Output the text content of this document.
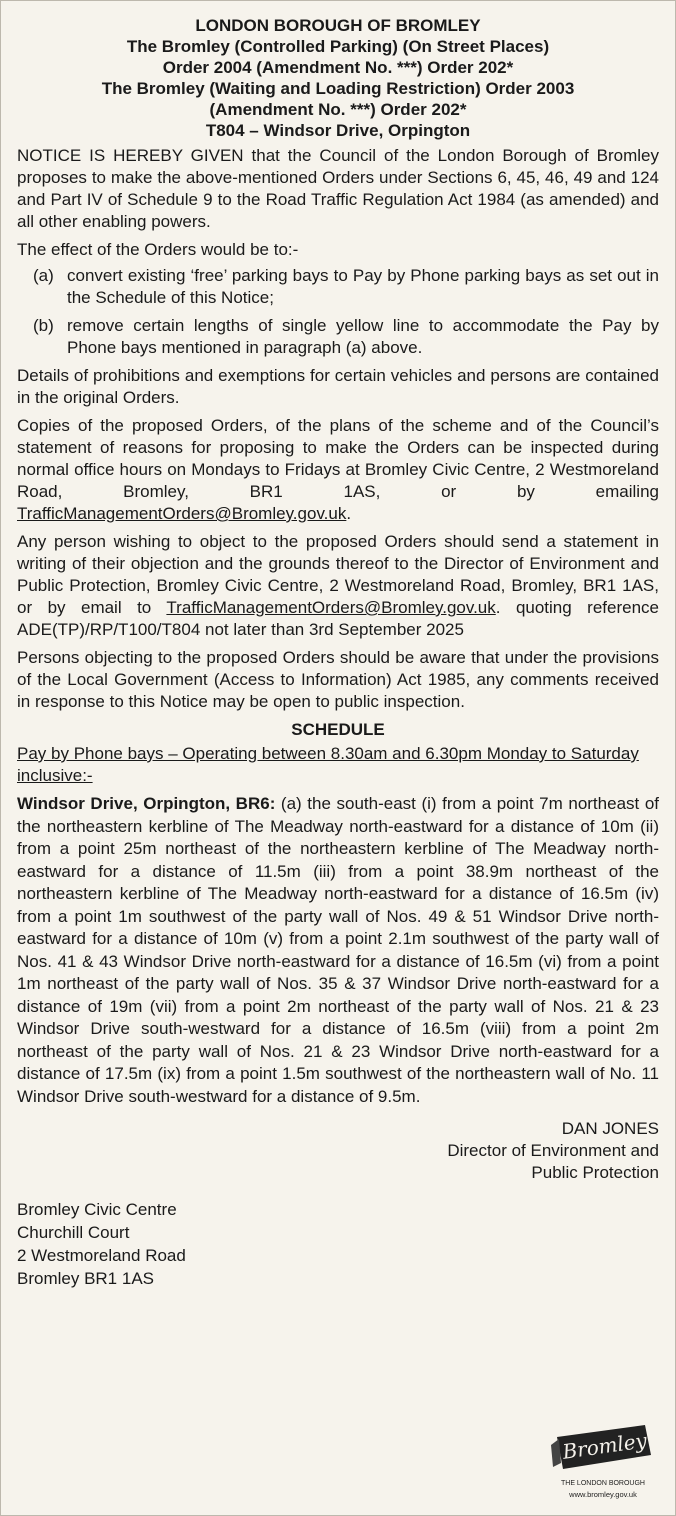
LONDON BOROUGH OF BROMLEY
The Bromley (Controlled Parking) (On Street Places)
Order 2004 (Amendment No. ***) Order 202*
The Bromley (Waiting and Loading Restriction) Order 2003
(Amendment No. ***) Order 202*
T804 – Windsor Drive, Orpington

NOTICE IS HEREBY GIVEN that the Council of the London Borough of Bromley proposes to make the above-mentioned Orders under Sections 6, 45, 46, 49 and 124 and Part IV of Schedule 9 to the Road Traffic Regulation Act 1984 (as amended) and all other enabling powers.

The effect of the Orders would be to:-

(a) convert existing ‘free’ parking bays to Pay by Phone parking bays as set out in the Schedule of this Notice;
(b) remove certain lengths of single yellow line to accommodate the Pay by Phone bays mentioned in paragraph (a) above.

Details of prohibitions and exemptions for certain vehicles and persons are contained in the original Orders.

Copies of the proposed Orders, of the plans of the scheme and of the Council’s statement of reasons for proposing to make the Orders can be inspected during normal office hours on Mondays to Fridays at Bromley Civic Centre, 2 Westmoreland Road, Bromley, BR1 1AS, or by emailing TrafficManagementOrders@Bromley.gov.uk.

Any person wishing to object to the proposed Orders should send a statement in writing of their objection and the grounds thereof to the Director of Environment and Public Protection, Bromley Civic Centre, 2 Westmoreland Road, Bromley, BR1 1AS, or by email to TrafficManagementOrders@Bromley.gov.uk. quoting reference ADE(TP)/RP/T100/T804 not later than 3rd September 2025

Persons objecting to the proposed Orders should be aware that under the provisions of the Local Government (Access to Information) Act 1985, any comments received in response to this Notice may be open to public inspection.

SCHEDULE
Pay by Phone bays – Operating between 8.30am and 6.30pm Monday to Saturday inclusive:-
Windsor Drive, Orpington, BR6: (a) the south-east (i) from a point 7m northeast of the northeastern kerbline of The Meadway north-eastward for a distance of 10m (ii) from a point 25m northeast of the northeastern kerbline of The Meadway north-eastward for a distance of 11.5m (iii) from a point 38.9m northeast of the northeastern kerbline of The Meadway north-eastward for a distance of 16.5m (iv) from a point 1m southwest of the party wall of Nos. 49 & 51 Windsor Drive north-eastward for a distance of 10m (v) from a point 2.1m southwest of the party wall of Nos. 41 & 43 Windsor Drive north-eastward for a distance of 16.5m (vi) from a point 1m northeast of the party wall of Nos. 35 & 37 Windsor Drive north-eastward for a distance of 19m (vii) from a point 2m northeast of the party wall of Nos. 21 & 23 Windsor Drive south-westward for a distance of 16.5m (viii) from a point 2m northeast of the party wall of Nos. 21 & 23 Windsor Drive north-eastward for a distance of 17.5m (ix) from a point 1.5m southwest of the northeastern wall of No. 11 Windsor Drive south-westward for a distance of 9.5m.
DAN JONES
Director of Environment and
Public Protection
Bromley Civic Centre
Churchill Court
2 Westmoreland Road
Bromley BR1 1AS
Bromley
THE LONDON BOROUGH
www.bromley.gov.uk
